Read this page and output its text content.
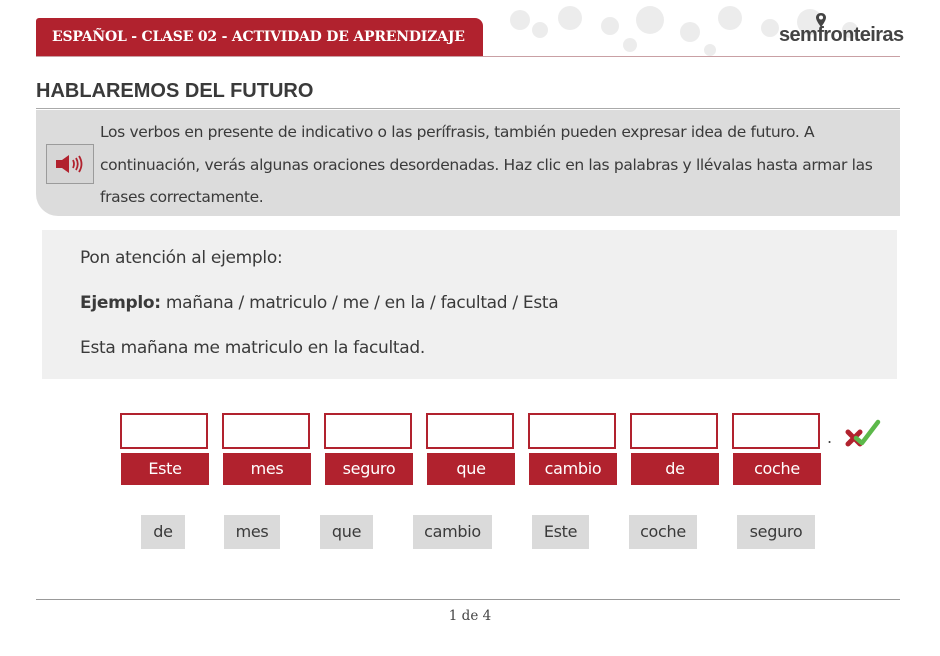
ESPAÑOL - CLASE 02 - ACTIVIDAD DE APRENDIZAJE	semfronteiras
HABLAREMOS DEL FUTURO

Los verbos en presente de indicativo o las perífrasis, también pueden expresar idea de futuro. A continuación, verás algunas oraciones desordenadas. Haz clic en las palabras y llévalas hasta armar las frases correctamente.

Pon atención al ejemplo:
Ejemplo: mañana / matriculo / me / en la / facultad / Esta
Esta mañana me matriculo en la facultad.
.
Este	mes	seguro	que	cambio	de	coche
de	mes	que	cambio	Este	coche	seguro
1 de 4
